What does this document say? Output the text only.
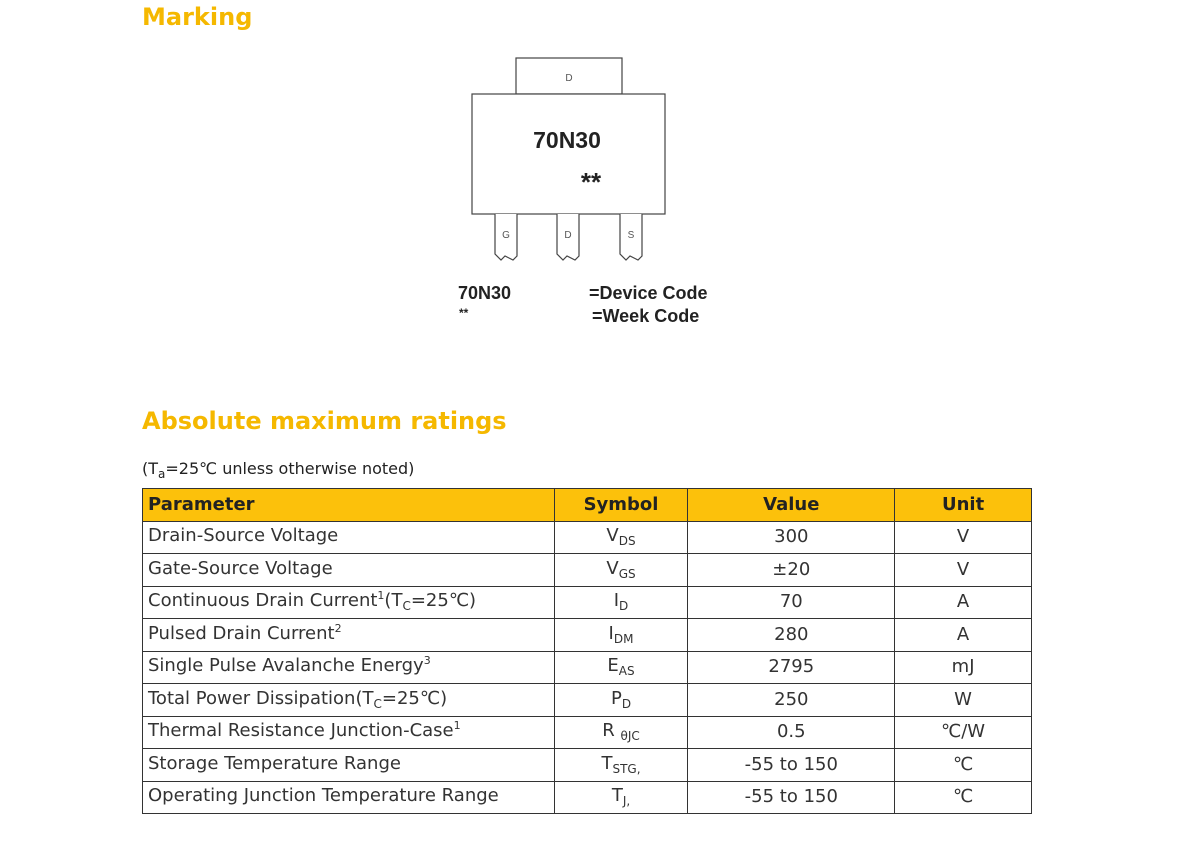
Marking
D
70N30
**
G	D	S
70N30
**
=Device Code
=Week Code
Absolute maximum ratings
($T_a=25℃$ unless otherwise noted)
Parameter	Symbol	Value	Unit
Drain-Source Voltage	$V_{DS}$	300	V
Gate-Source Voltage	$V_{GS}$	±20	V
Continuous Drain $Current^1(T_C=25℃)$	$I_D$	70	A
Pulsed Drain Current$^2$	$I_{DM}$	280	A
Single Pulse Avalanche Energy$^3$	$E_{AS}$	2795	mJ
Total Power $Dissipation(T_C=25℃)$	$P_D$	250	W
Thermal Resistance Junction-Case$^1$	R $_{\theta JC}$	0.5	℃/W
Storage Temperature Range	$T_{STG,}$	-55 to 150	℃
Operating Junction Temperature Range	$T_{J,}$	-55 to 150	℃
